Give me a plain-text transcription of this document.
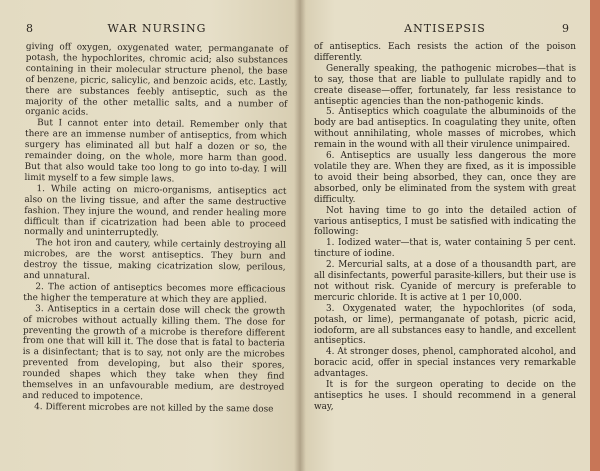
8	WAR NURSING

giving off oxygen, oxygenated water, permanganate of potash, the hypochlorites, chromic acid; also substances containing in their molecular structure phenol, the base of benzene, picric, salicylic, and benzoic acids, etc. Lastly, there are substances feebly antiseptic, such as the majority of the other metallic salts, and a number of organic acids.

But I cannot enter into detail. Remember only that there are an immense number of antiseptics, from which surgery has eliminated all but half a dozen or so, the remainder doing, on the whole, more harm than good. But that also would take too long to go into to-day. I will limit myself to a few simple laws.

1. While acting on micro-organisms, antiseptics act also on the living tissue, and after the same destructive fashion. They injure the wound, and render healing more difficult than if cicatrization had been able to proceed normally and uninterruptedly.

The hot iron and cautery, while certainly destroying all microbes, are the worst antiseptics. They burn and destroy the tissue, making cicatrization slow, perilous, and unnatural.

2. The action of antiseptics becomes more efficacious the higher the temperature at which they are applied.

3. Antiseptics in a certain dose will check the growth of microbes without actually killing them. The dose for preventing the growth of a microbe is therefore different from one that will kill it. The dose that is fatal to bacteria is a disinfectant; that is to say, not only are the microbes prevented from developing, but also their spores, rounded shapes which they take when they find themselves in an unfavourable medium, are destroyed and reduced to impotence.

4. Different microbes are not killed by the same dose

ANTISEPSIS	9

of antiseptics. Each resists the action of the poison differently.

Generally speaking, the pathogenic microbes—that is to say, those that are liable to pullulate rapidly and to create disease—offer, fortunately, far less resistance to antiseptic agencies than the non-pathogenic kinds.

5. Antiseptics which coagulate the albuminoids of the body are bad antiseptics. In coagulating they unite, often without annihilating, whole masses of microbes, which remain in the wound with all their virulence unimpaired.

6. Antiseptics are usually less dangerous the more volatile they are. When they are fixed, as it is impossible to avoid their being absorbed, they can, once they are absorbed, only be eliminated from the system with great difficulty.

Not having time to go into the detailed action of various antiseptics, I must be satisfied with indicating the following:

1. Iodized water—that is, water containing 5 per cent. tincture of iodine.

2. Mercurial salts, at a dose of a thousandth part, are all disinfectants, powerful parasite-killers, but their use is not without risk. Cyanide of mercury is preferable to mercuric chloride. It is active at 1 per 10,000.

3. Oxygenated water, the hypochlorites (of soda, potash, or lime), permanganate of potash, picric acid, iodoform, are all substances easy to handle, and excellent antiseptics.

4. At stronger doses, phenol, camphorated alcohol, and boracic acid, offer in special instances very remarkable advantages.

It is for the surgeon operating to decide on the antiseptics he uses. I should recommend in a general way,
